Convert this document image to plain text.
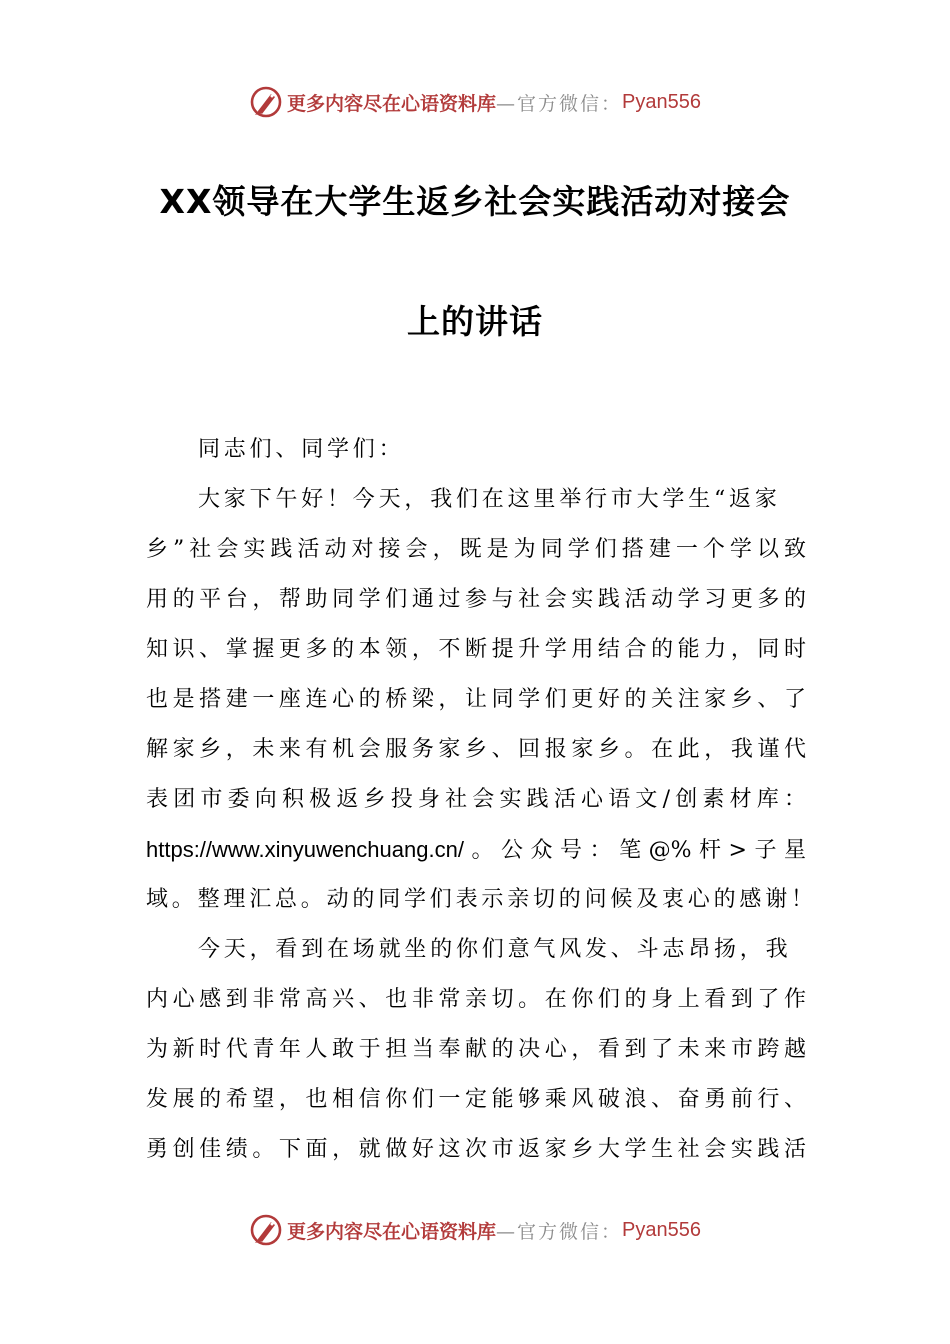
更多内容尽在心语资料库 —官方微信： Pyan556
XX领导在大学生返乡社会实践活动对接会
上的讲话
同志们、同学们：
大家下午好！今天，我们在这里举行市大学生“返家
乡”社会实践活动对接会，既是为同学们搭建一个学以致
用的平台，帮助同学们通过参与社会实践活动学习更多的
知识、掌握更多的本领，不断提升学用结合的能力，同时
也是搭建一座连心的桥梁，让同学们更好的关注家乡、了
解家乡，未来有机会服务家乡、回报家乡。在此，我谨代
表团市委向积极返乡投身社会实践活心语文/创素材库：
https://www.xinyuwenchuang.cn/。公众号：笔@%杆>子星
域。整理汇总。动的同学们表示亲切的问候及衷心的感谢！
今天，看到在场就坐的你们意气风发、斗志昂扬，我
内心感到非常高兴、也非常亲切。在你们的身上看到了作
为新时代青年人敢于担当奉献的决心，看到了未来市跨越
发展的希望，也相信你们一定能够乘风破浪、奋勇前行、
勇创佳绩。下面，就做好这次市返家乡大学生社会实践活
更多内容尽在心语资料库 —官方微信： Pyan556
